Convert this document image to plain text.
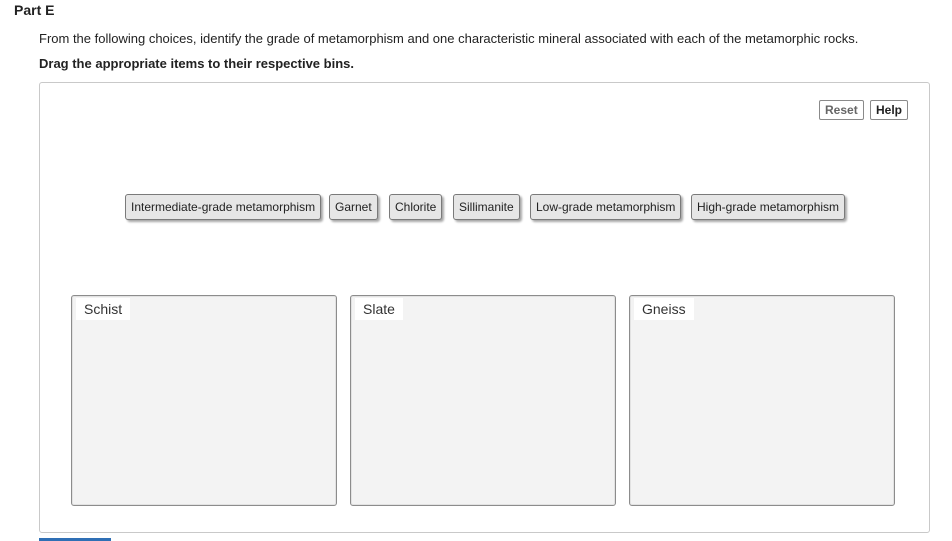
Part E
From the following choices, identify the grade of metamorphism and one characteristic mineral associated with each of the metamorphic rocks.
Drag the appropriate items to their respective bins.
Reset	Help
Intermediate-grade metamorphism	Garnet	Chlorite	Sillimanite	Low-grade metamorphism	High-grade metamorphism
Schist	Slate	Gneiss
